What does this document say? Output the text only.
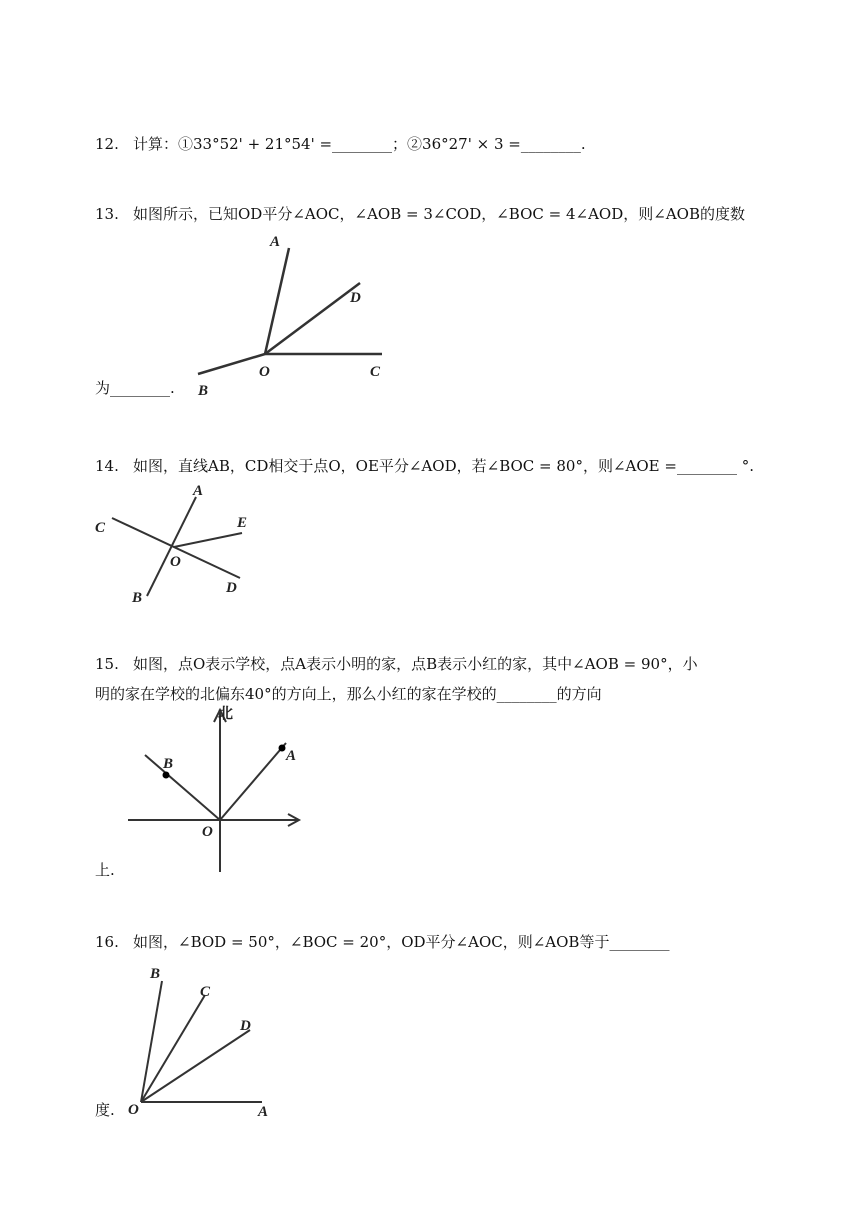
12. 计算：①33°52' + 21°54' =________；②36°27' × 3 =________.
13. 如图所示，已知OD平分∠AOC，∠AOB = 3∠COD，∠BOC = 4∠AOD，则∠AOB的度数
A
D
O	C
B
为________.
14. 如图，直线AB，CD相交于点O，OE平分∠AOD，若∠BOC = 80°，则∠AOE =________ °.
A
C	E
O
D
B
15. 如图，点O表示学校，点A表示小明的家，点B表示小红的家，其中∠AOB = 90°，小
明的家在学校的北偏东40°的方向上，那么小红的家在学校的________的方向
北
A
B
O
上.
16. 如图，∠BOD = 50°，∠BOC = 20°，OD平分∠AOC，则∠AOB等于________
B
C
D
O	A
度.
